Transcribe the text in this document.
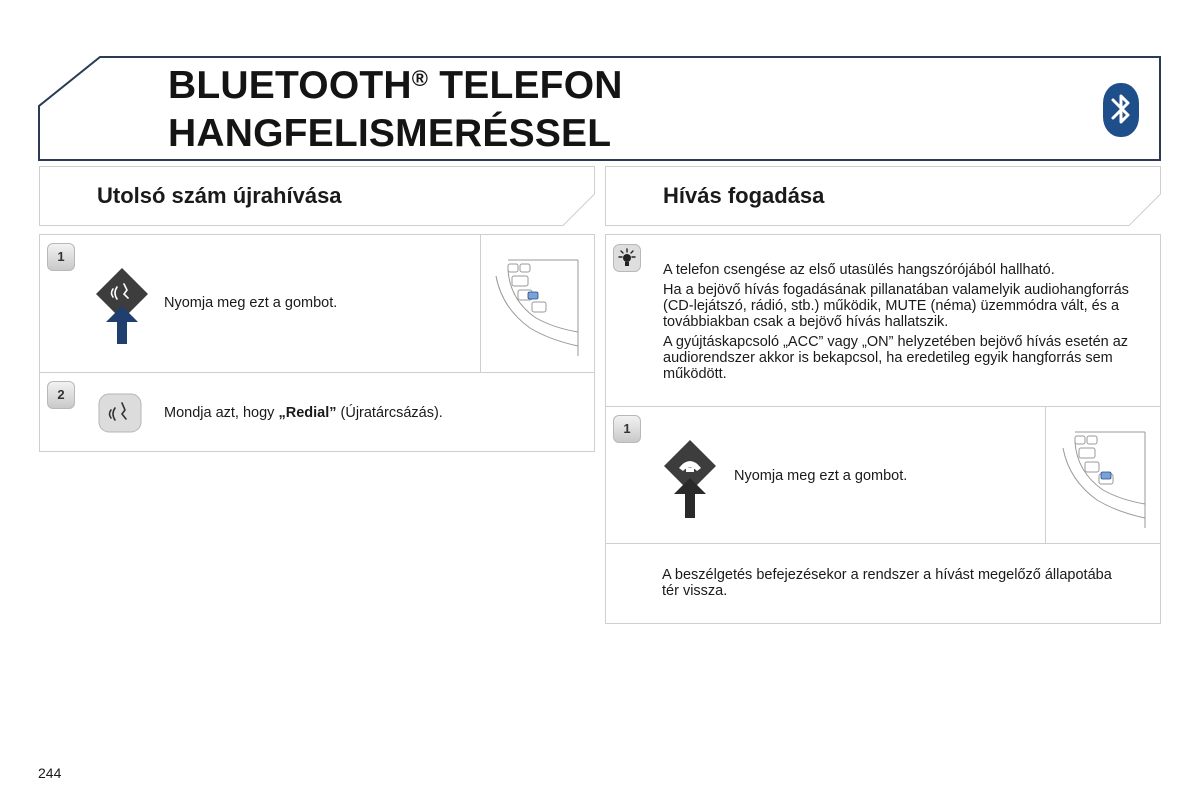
BLUETOOTH® TELEFON
HANGFELISMERÉSSEL
Utolsó szám újrahívása	Hívás fogadása
1
Nyomja meg ezt a gombot.
2
Mondja azt, hogy „Redial” (Újratárcsázás).

A telefon csengése az első utasülés hangszórójából hallható.

Ha a bejövő hívás fogadásának pillanatában valamelyik audiohangforrás (CD-lejátszó, rádió, stb.) működik, MUTE (néma) üzemmódra vált, és a továbbiakban csak a bejövő hívás hallatszik.

A gyújtáskapcsoló „ACC” vagy „ON” helyzetében bejövő hívás esetén az audiorendszer akkor is bekapcsol, ha eredetileg egyik hangforrás sem működött.

1
Nyomja meg ezt a gombot.
A beszélgetés befejezésekor a rendszer a hívást megelőző állapotába tér vissza.
244
